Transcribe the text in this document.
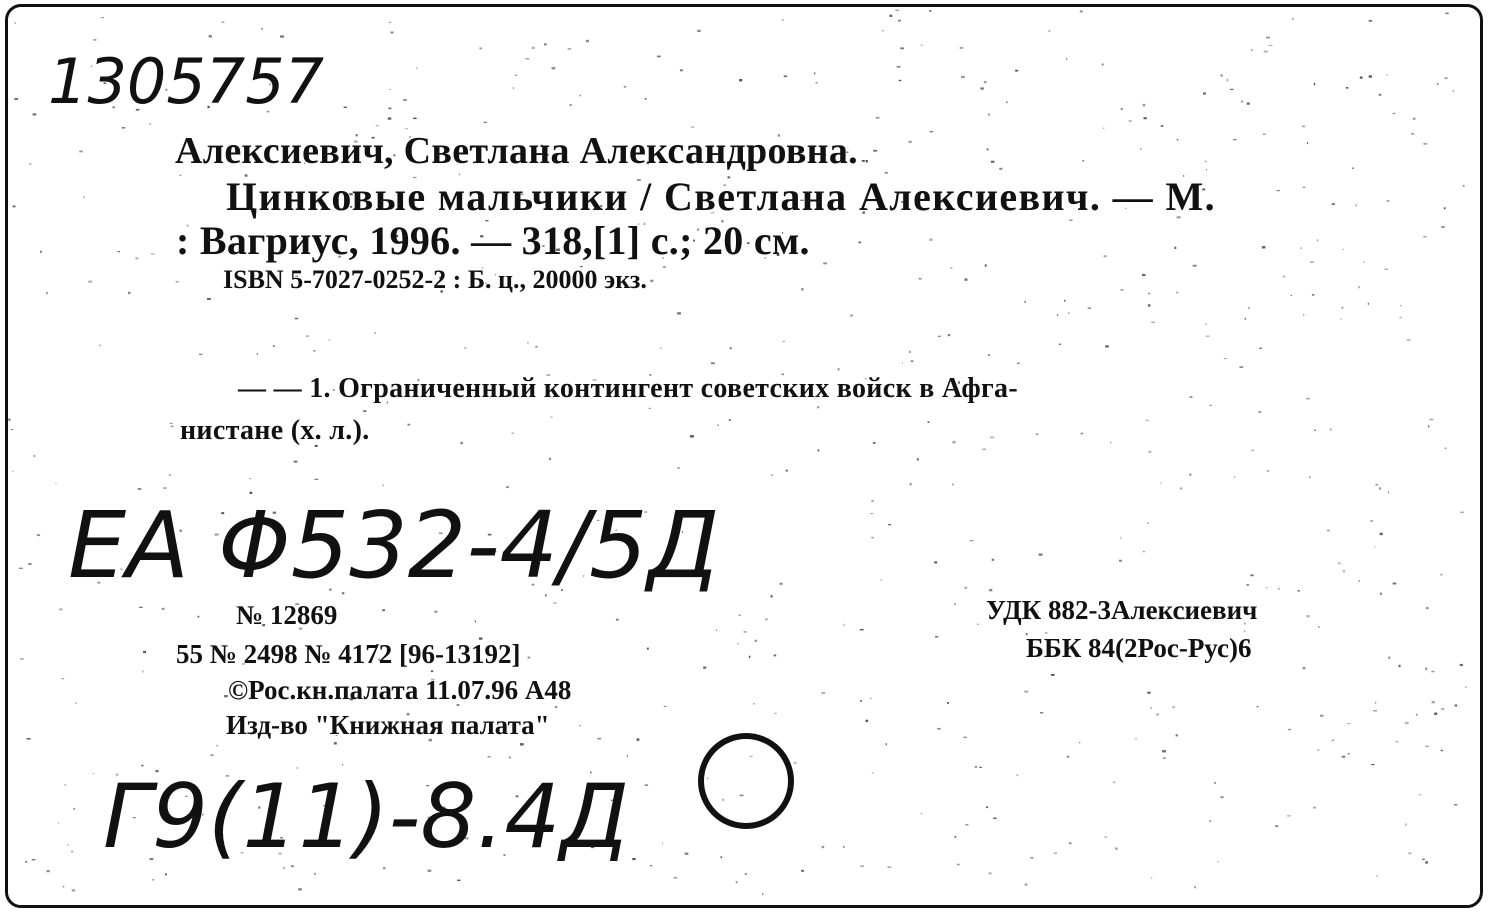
1305757
Алексиевич, Светлана Александровна.
Цинковые мальчики / Светлана Алексиевич. — М.
: Вагриус, 1996. — 318,[1] с.; 20 см.
ISBN 5-7027-0252-2 : Б. ц., 20000 экз.
— — 1. Ограниченный контингент советских войск в Афга-
нистане (х. л.).
ЕА Φ532-4/5Д
№ 12869
55 № 2498 № 4172 [96-13192]
©Рос.кн.палата 11.07.96 А48
Изд-во "Книжная палата"
УДК 882-3Алексиевич
ББК 84(2Рос-Рус)6
Г9(11)-8.4Д
